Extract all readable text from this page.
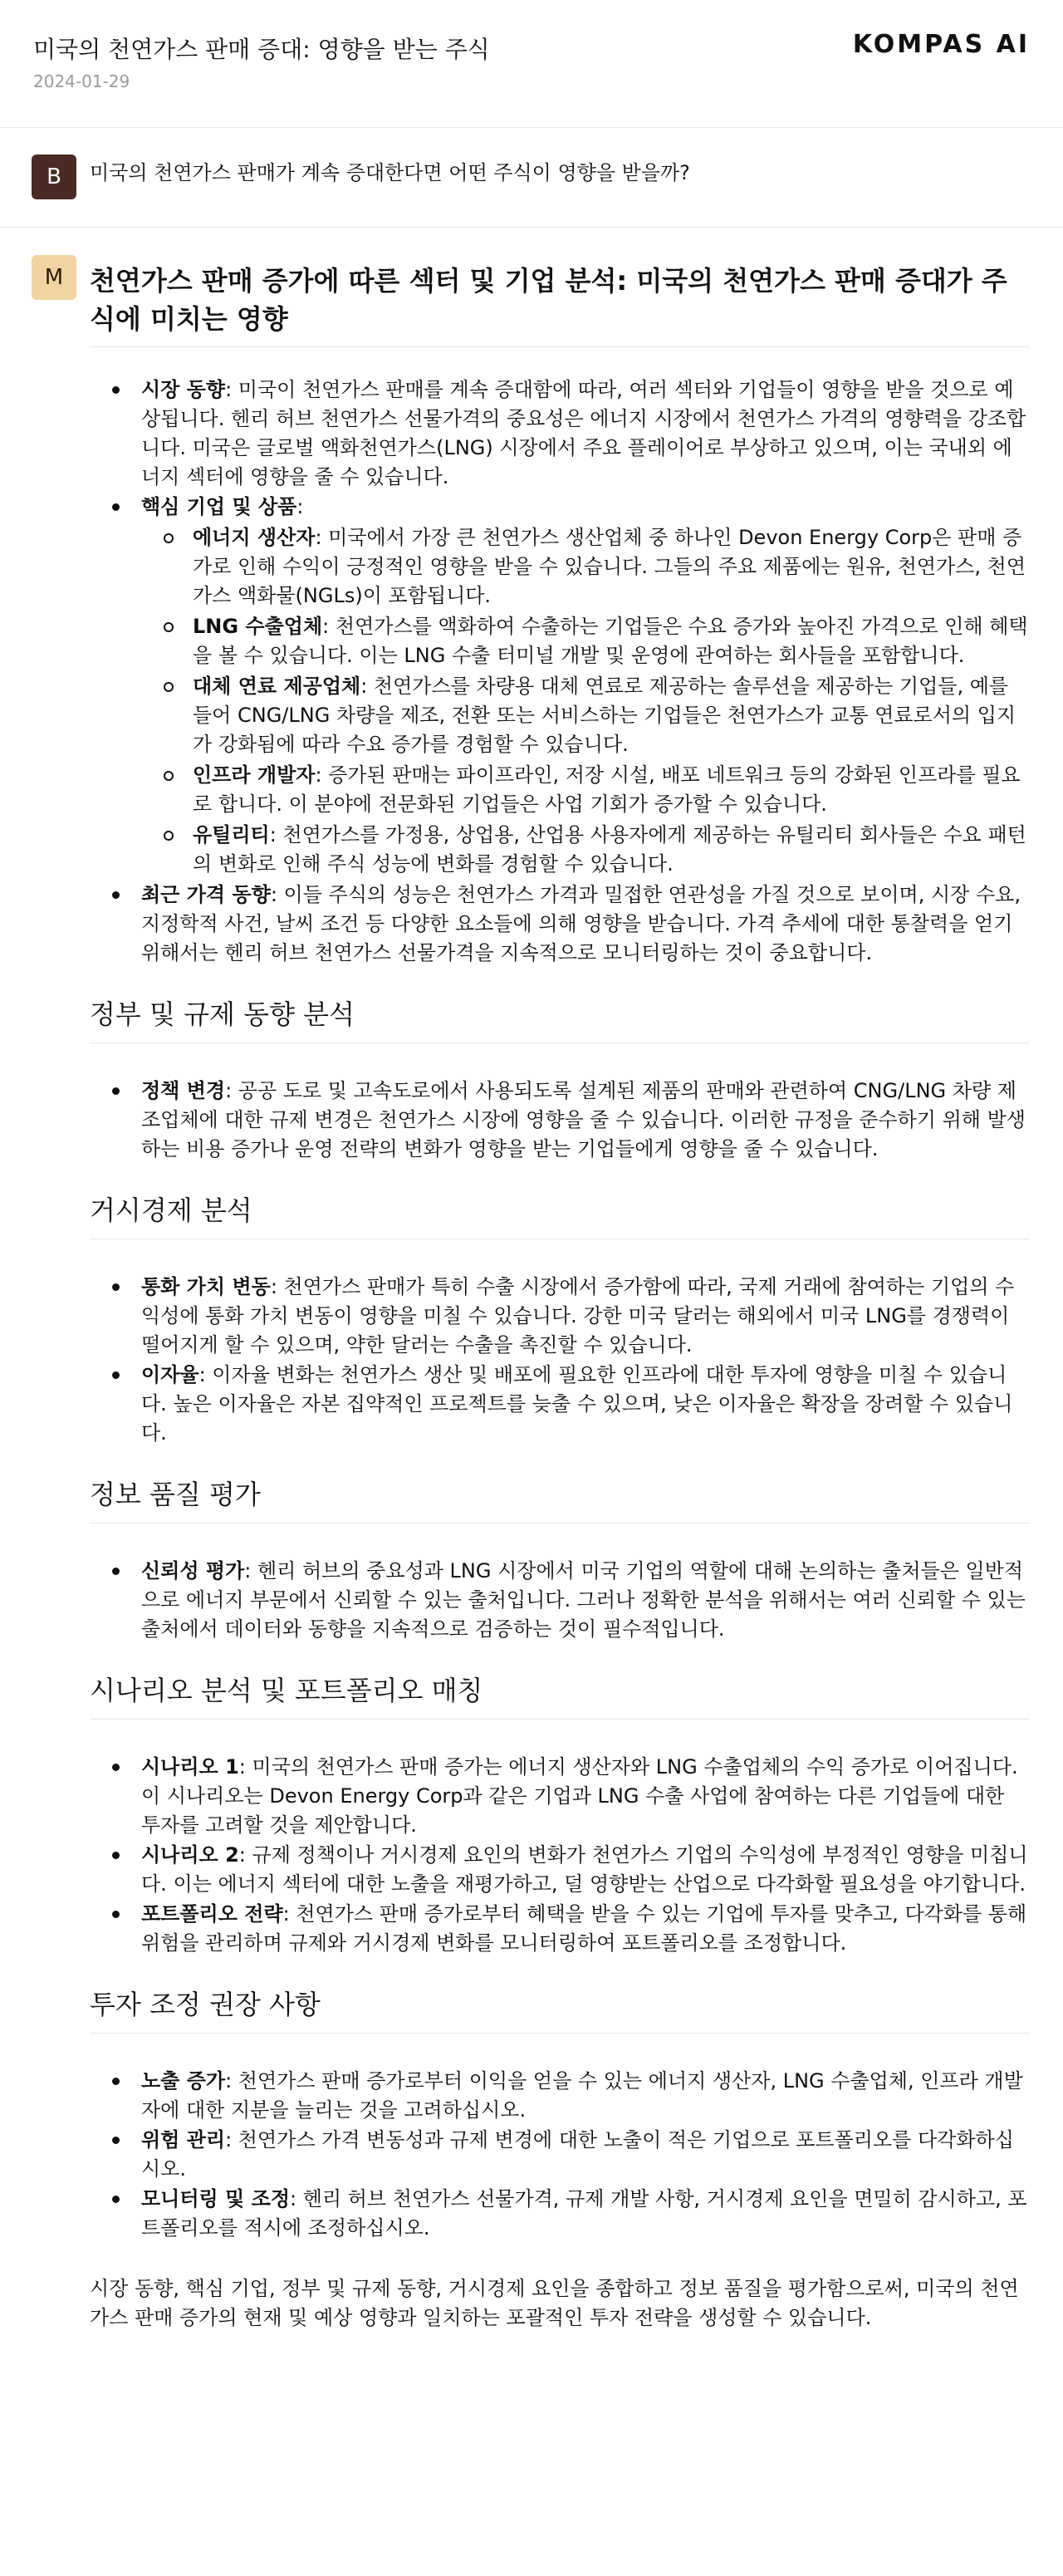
미국의 천연가스 판매 증대: 영향을 받는 주식
2024-01-29
KOMPAS AI
B	미국의 천연가스 판매가 계속 증대한다면 어떤 주식이 영향을 받을까?
M 천연가스 판매 증가에 따른 섹터 및 기업 분석: 미국의 천연가스 판매 증대가 주식에 미치는 영향
시장 동향: 미국이 천연가스 판매를 계속 증대함에 따라, 여러 섹터와 기업들이 영향을 받을 것으로 예상됩니다. 헨리 허브 천연가스 선물가격의 중요성은 에너지 시장에서 천연가스 가격의 영향력을 강조합니다. 미국은 글로벌 액화천연가스(LNG) 시장에서 주요 플레이어로 부상하고 있으며, 이는 국내외 에너지 섹터에 영향을 줄 수 있습니다.
핵심 기업 및 상품:
에너지 생산자: 미국에서 가장 큰 천연가스 생산업체 중 하나인 Devon Energy Corp은 판매 증가로 인해 수익이 긍정적인 영향을 받을 수 있습니다. 그들의 주요 제품에는 원유, 천연가스, 천연가스 액화물(NGLs)이 포함됩니다.
LNG 수출업체: 천연가스를 액화하여 수출하는 기업들은 수요 증가와 높아진 가격으로 인해 혜택을 볼 수 있습니다. 이는 LNG 수출 터미널 개발 및 운영에 관여하는 회사들을 포함합니다.
대체 연료 제공업체: 천연가스를 차량용 대체 연료로 제공하는 솔루션을 제공하는 기업들, 예를 들어 CNG/LNG 차량을 제조, 전환 또는 서비스하는 기업들은 천연가스가 교통 연료로서의 입지가 강화됨에 따라 수요 증가를 경험할 수 있습니다.
인프라 개발자: 증가된 판매는 파이프라인, 저장 시설, 배포 네트워크 등의 강화된 인프라를 필요로 합니다. 이 분야에 전문화된 기업들은 사업 기회가 증가할 수 있습니다.
유틸리티: 천연가스를 가정용, 상업용, 산업용 사용자에게 제공하는 유틸리티 회사들은 수요 패턴의 변화로 인해 주식 성능에 변화를 경험할 수 있습니다.
최근 가격 동향: 이들 주식의 성능은 천연가스 가격과 밀접한 연관성을 가질 것으로 보이며, 시장 수요, 지정학적 사건, 날씨 조건 등 다양한 요소들에 의해 영향을 받습니다. 가격 추세에 대한 통찰력을 얻기 위해서는 헨리 허브 천연가스 선물가격을 지속적으로 모니터링하는 것이 중요합니다.
정부 및 규제 동향 분석
정책 변경: 공공 도로 및 고속도로에서 사용되도록 설계된 제품의 판매와 관련하여 CNG/LNG 차량 제조업체에 대한 규제 변경은 천연가스 시장에 영향을 줄 수 있습니다. 이러한 규정을 준수하기 위해 발생하는 비용 증가나 운영 전략의 변화가 영향을 받는 기업들에게 영향을 줄 수 있습니다.
거시경제 분석
통화 가치 변동: 천연가스 판매가 특히 수출 시장에서 증가함에 따라, 국제 거래에 참여하는 기업의 수익성에 통화 가치 변동이 영향을 미칠 수 있습니다. 강한 미국 달러는 해외에서 미국 LNG를 경쟁력이 떨어지게 할 수 있으며, 약한 달러는 수출을 촉진할 수 있습니다.
이자율: 이자율 변화는 천연가스 생산 및 배포에 필요한 인프라에 대한 투자에 영향을 미칠 수 있습니다. 높은 이자율은 자본 집약적인 프로젝트를 늦출 수 있으며, 낮은 이자율은 확장을 장려할 수 있습니다.
정보 품질 평가
신뢰성 평가: 헨리 허브의 중요성과 LNG 시장에서 미국 기업의 역할에 대해 논의하는 출처들은 일반적으로 에너지 부문에서 신뢰할 수 있는 출처입니다. 그러나 정확한 분석을 위해서는 여러 신뢰할 수 있는 출처에서 데이터와 동향을 지속적으로 검증하는 것이 필수적입니다.
시나리오 분석 및 포트폴리오 매칭
시나리오 1: 미국의 천연가스 판매 증가는 에너지 생산자와 LNG 수출업체의 수익 증가로 이어집니다. 이 시나리오는 Devon Energy Corp과 같은 기업과 LNG 수출 사업에 참여하는 다른 기업들에 대한 투자를 고려할 것을 제안합니다.
시나리오 2: 규제 정책이나 거시경제 요인의 변화가 천연가스 기업의 수익성에 부정적인 영향을 미칩니다. 이는 에너지 섹터에 대한 노출을 재평가하고, 덜 영향받는 산업으로 다각화할 필요성을 야기합니다.
포트폴리오 전략: 천연가스 판매 증가로부터 혜택을 받을 수 있는 기업에 투자를 맞추고, 다각화를 통해 위험을 관리하며 규제와 거시경제 변화를 모니터링하여 포트폴리오를 조정합니다.
투자 조정 권장 사항
노출 증가: 천연가스 판매 증가로부터 이익을 얻을 수 있는 에너지 생산자, LNG 수출업체, 인프라 개발자에 대한 지분을 늘리는 것을 고려하십시오.
위험 관리: 천연가스 가격 변동성과 규제 변경에 대한 노출이 적은 기업으로 포트폴리오를 다각화하십시오.
모니터링 및 조정: 헨리 허브 천연가스 선물가격, 규제 개발 사항, 거시경제 요인을 면밀히 감시하고, 포트폴리오를 적시에 조정하십시오.

시장 동향, 핵심 기업, 정부 및 규제 동향, 거시경제 요인을 종합하고 정보 품질을 평가함으로써, 미국의 천연가스 판매 증가의 현재 및 예상 영향과 일치하는 포괄적인 투자 전략을 생성할 수 있습니다.
